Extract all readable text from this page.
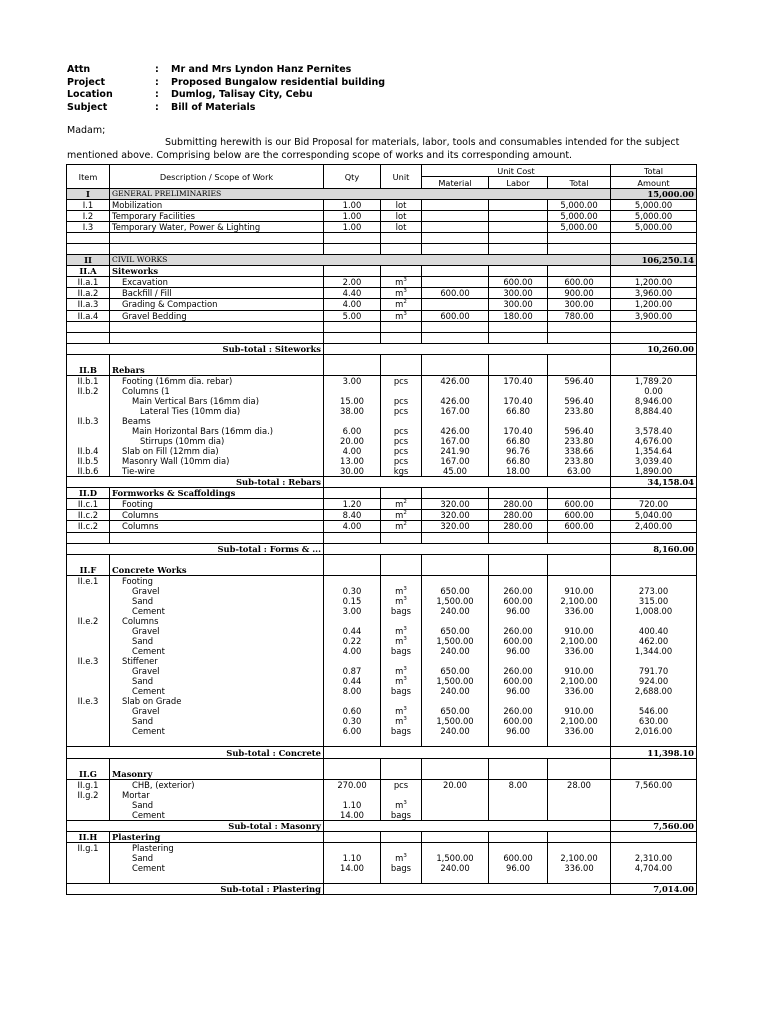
Attn	:	Mr and Mrs Lyndon Hanz Pernites
Project	:	Proposed Bungalow residential building
Location	:	Dumlog, Talisay City, Cebu
Subject	:	Bill of Materials
Madam;
Submitting herewith is our Bid Proposal for materials, labor, tools and consumables intended for the subject
mentioned above. Comprising below are the corresponding scope of works and its corresponding amount.
Item	Description / Scope of Work	Qty	Unit	Unit Cost			Total
				Material	Labor	Total	Amount
I	GENERAL PRELIMINARIES						15,000.00
I.1	Mobilization	1.00	lot			5,000.00	5,000.00
I.2	Temporary Facilities	1.00	lot			5,000.00	5,000.00
I.3	Temporary Water, Power & Lighting	1.00	lot			5,000.00	5,000.00

II	CIVIL WORKS						106,250.14
II.A	Siteworks						
II.a.1	Excavation	2.00	$m^3$		600.00	600.00	1,200.00
II.a.2	Backfill / Fill	4.40	$m^3$	600.00	300.00	900.00	3,960.00
II.a.3	Grading & Compaction	4.00	$m^2$		300.00	300.00	1,200.00
II.a.4	Gravel Bedding	5.00	$m^3$	600.00	180.00	780.00	3,900.00

Sub-total : Siteworks							10,260.00

II.B	Rebars						
II.b.1	Footing (16mm dia. rebar)	3.00	pcs	426.00	170.40	596.40	1,789.20
II.b.2	Columns (1						0.00
	Main Vertical Bars (16mm dia)	15.00	pcs	426.00	170.40	596.40	8,946.00
	Lateral Ties (10mm dia)	38.00	pcs	167.00	66.80	233.80	8,884.40
II.b.3	Beams						
	Main Horizontal Bars (16mm dia.)	6.00	pcs	426.00	170.40	596.40	3,578.40
	Stirrups (10mm dia)	20.00	pcs	167.00	66.80	233.80	4,676.00
II.b.4	Slab on Fill (12mm dia)	4.00	pcs	241.90	96.76	338.66	1,354.64
II.b.5	Masonry Wall (10mm dia)	13.00	pcs	167.00	66.80	233.80	3,039.40
II.b.6	Tie-wire	30.00	kgs	45.00	18.00	63.00	1,890.00
Sub-total : Rebars							34,158.04
II.D	Formworks & Scaffoldings						
II.c.1	Footing	1.20	$m^2$	320.00	280.00	600.00	720.00
II.c.2	Columns	8.40	$m^2$	320.00	280.00	600.00	5,040.00
II.c.2	Columns	4.00	$m^2$	320.00	280.00	600.00	2,400.00

Sub-total : Forms & ...							8,160.00

II.F	Concrete Works						
II.e.1	Footing						
	Gravel	0.30	$m^3$	650.00	260.00	910.00	273.00
	Sand	0.15	$m^3$	1,500.00	600.00	2,100.00	315.00
	Cement	3.00	bags	240.00	96.00	336.00	1,008.00
II.e.2	Columns						
	Gravel	0.44	$m^3$	650.00	260.00	910.00	400.40
	Sand	0.22	$m^3$	1,500.00	600.00	2,100.00	462.00
	Cement	4.00	bags	240.00	96.00	336.00	1,344.00
II.e.3	Stiffener						
	Gravel	0.87	$m^3$	650.00	260.00	910.00	791.70
	Sand	0.44	$m^3$	1,500.00	600.00	2,100.00	924.00
	Cement	8.00	bags	240.00	96.00	336.00	2,688.00
II.e.3	Slab on Grade						
	Gravel	0.60	$m^3$	650.00	260.00	910.00	546.00
	Sand	0.30	$m^3$	1,500.00	600.00	2,100.00	630.00
	Cement	6.00	bags	240.00	96.00	336.00	2,016.00

Sub-total : Concrete							11,398.10

II.G	Masonry						
II.g.1	CHB, (exterior)	270.00	pcs	20.00	8.00	28.00	7,560.00
II.g.2	Mortar						
	Sand	1.10	$m^3$				
	Cement	14.00	bags				
Sub-total : Masonry							7,560.00
II.H	Plastering						
II.g.1	Plastering						
	Sand	1.10	$m^3$	1,500.00	600.00	2,100.00	2,310.00
	Cement	14.00	bags	240.00	96.00	336.00	4,704.00

Sub-total : Plastering							7,014.00
